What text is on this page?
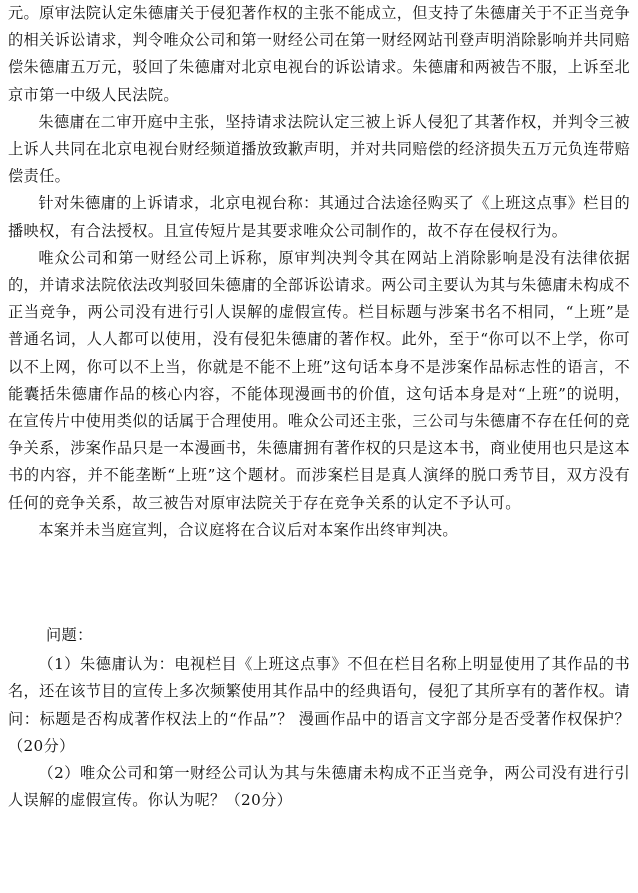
元。原审法院认定朱德庸关于侵犯著作权的主张不能成立，但支持了朱德庸关于不正当竞争的相关诉讼请求，判令唯众公司和第一财经公司在第一财经网站刊登声明消除影响并共同赔偿朱德庸五万元，驳回了朱德庸对北京电视台的诉讼请求。朱德庸和两被告不服，上诉至北京市第一中级人民法院。

朱德庸在二审开庭中主张，坚持请求法院认定三被上诉人侵犯了其著作权，并判令三被上诉人共同在北京电视台财经频道播放致歉声明，并对共同赔偿的经济损失五万元负连带赔偿责任。

针对朱德庸的上诉请求，北京电视台称：其通过合法途径购买了《上班这点事》栏目的播映权，有合法授权。且宣传短片是其要求唯众公司制作的，故不存在侵权行为。

唯众公司和第一财经公司上诉称，原审判决判令其在网站上消除影响是没有法律依据的，并请求法院依法改判驳回朱德庸的全部诉讼请求。两公司主要认为其与朱德庸未构成不正当竞争，两公司没有进行引人误解的虚假宣传。栏目标题与涉案书名不相同，“上班”是普通名词，人人都可以使用，没有侵犯朱德庸的著作权。此外，至于“你可以不上学，你可以不上网，你可以不上当，你就是不能不上班”这句话本身不是涉案作品标志性的语言，不能囊括朱德庸作品的核心内容，不能体现漫画书的价值，这句话本身是对“上班”的说明，在宣传片中使用类似的话属于合理使用。唯众公司还主张，三公司与朱德庸不存在任何的竞争关系，涉案作品只是一本漫画书，朱德庸拥有著作权的只是这本书，商业使用也只是这本书的内容，并不能垄断“上班”这个题材。而涉案栏目是真人演绎的脱口秀节目，双方没有任何的竞争关系，故三被告对原审法院关于存在竞争关系的认定不予认可。

本案并未当庭宣判，合议庭将在合议后对本案作出终审判决。

问题：

（1）朱德庸认为：电视栏目《上班这点事》不但在栏目名称上明显使用了其作品的书名，还在该节目的宣传上多次频繁使用其作品中的经典语句，侵犯了其所享有的著作权。请问：标题是否构成著作权法上的“作品”？ 漫画作品中的语言文字部分是否受著作权保护？（20分）

（2）唯众公司和第一财经公司认为其与朱德庸未构成不正当竞争，两公司没有进行引人误解的虚假宣传。你认为呢？（20分）
